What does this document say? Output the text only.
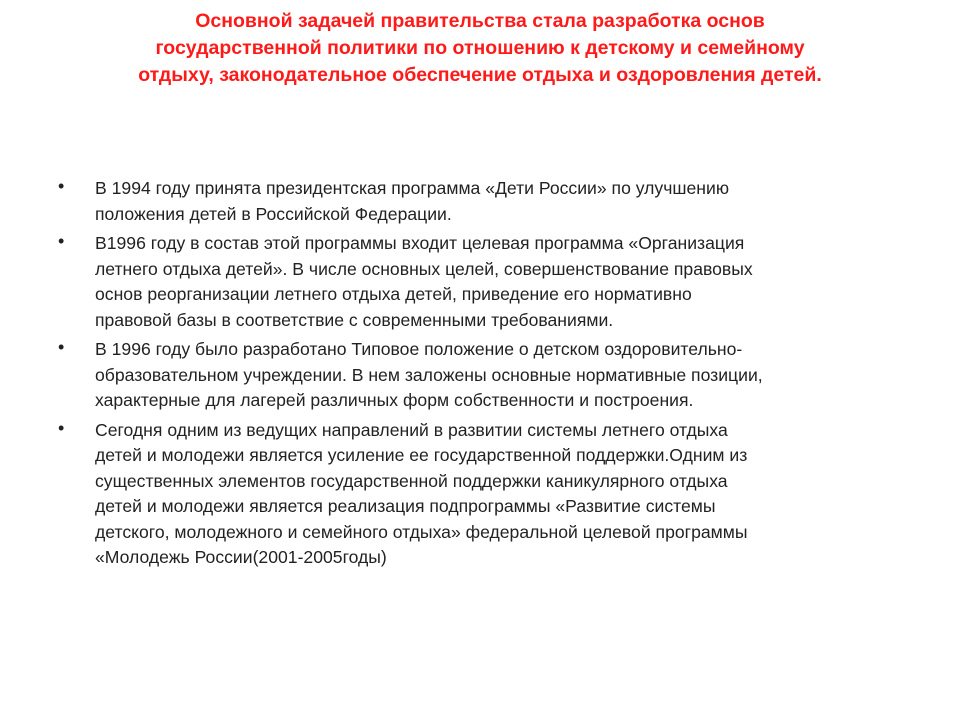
Основной задачей правительства стала разработка основ
государственной политики по отношению к детскому и семейному
отдыху, законодательное обеспечение отдыха и оздоровления детей.
• В 1994 году принята президентская программа «Дети России» по улучшению
положения детей в Российской Федерации.
• В1996 году в состав этой программы входит целевая программа «Организация
летнего отдыха детей». В числе основных целей, совершенствование правовых
основ реорганизации летнего отдыха детей, приведение его нормативно
правовой базы в соответствие с современными требованиями.
• В 1996 году было разработано Типовое положение о детском оздоровительно-
образовательном учреждении. В нем заложены основные нормативные позиции,
характерные для лагерей различных форм собственности и построения.
• Сегодня одним из ведущих направлений в развитии системы летнего отдыха
детей и молодежи является усиление ее государственной поддержки.Одним из
существенных элементов государственной поддержки каникулярного отдыха
детей и молодежи является реализация подпрограммы «Развитие системы
детского, молодежного и семейного отдыха» федеральной целевой программы
«Молодежь России(2001-2005годы)
